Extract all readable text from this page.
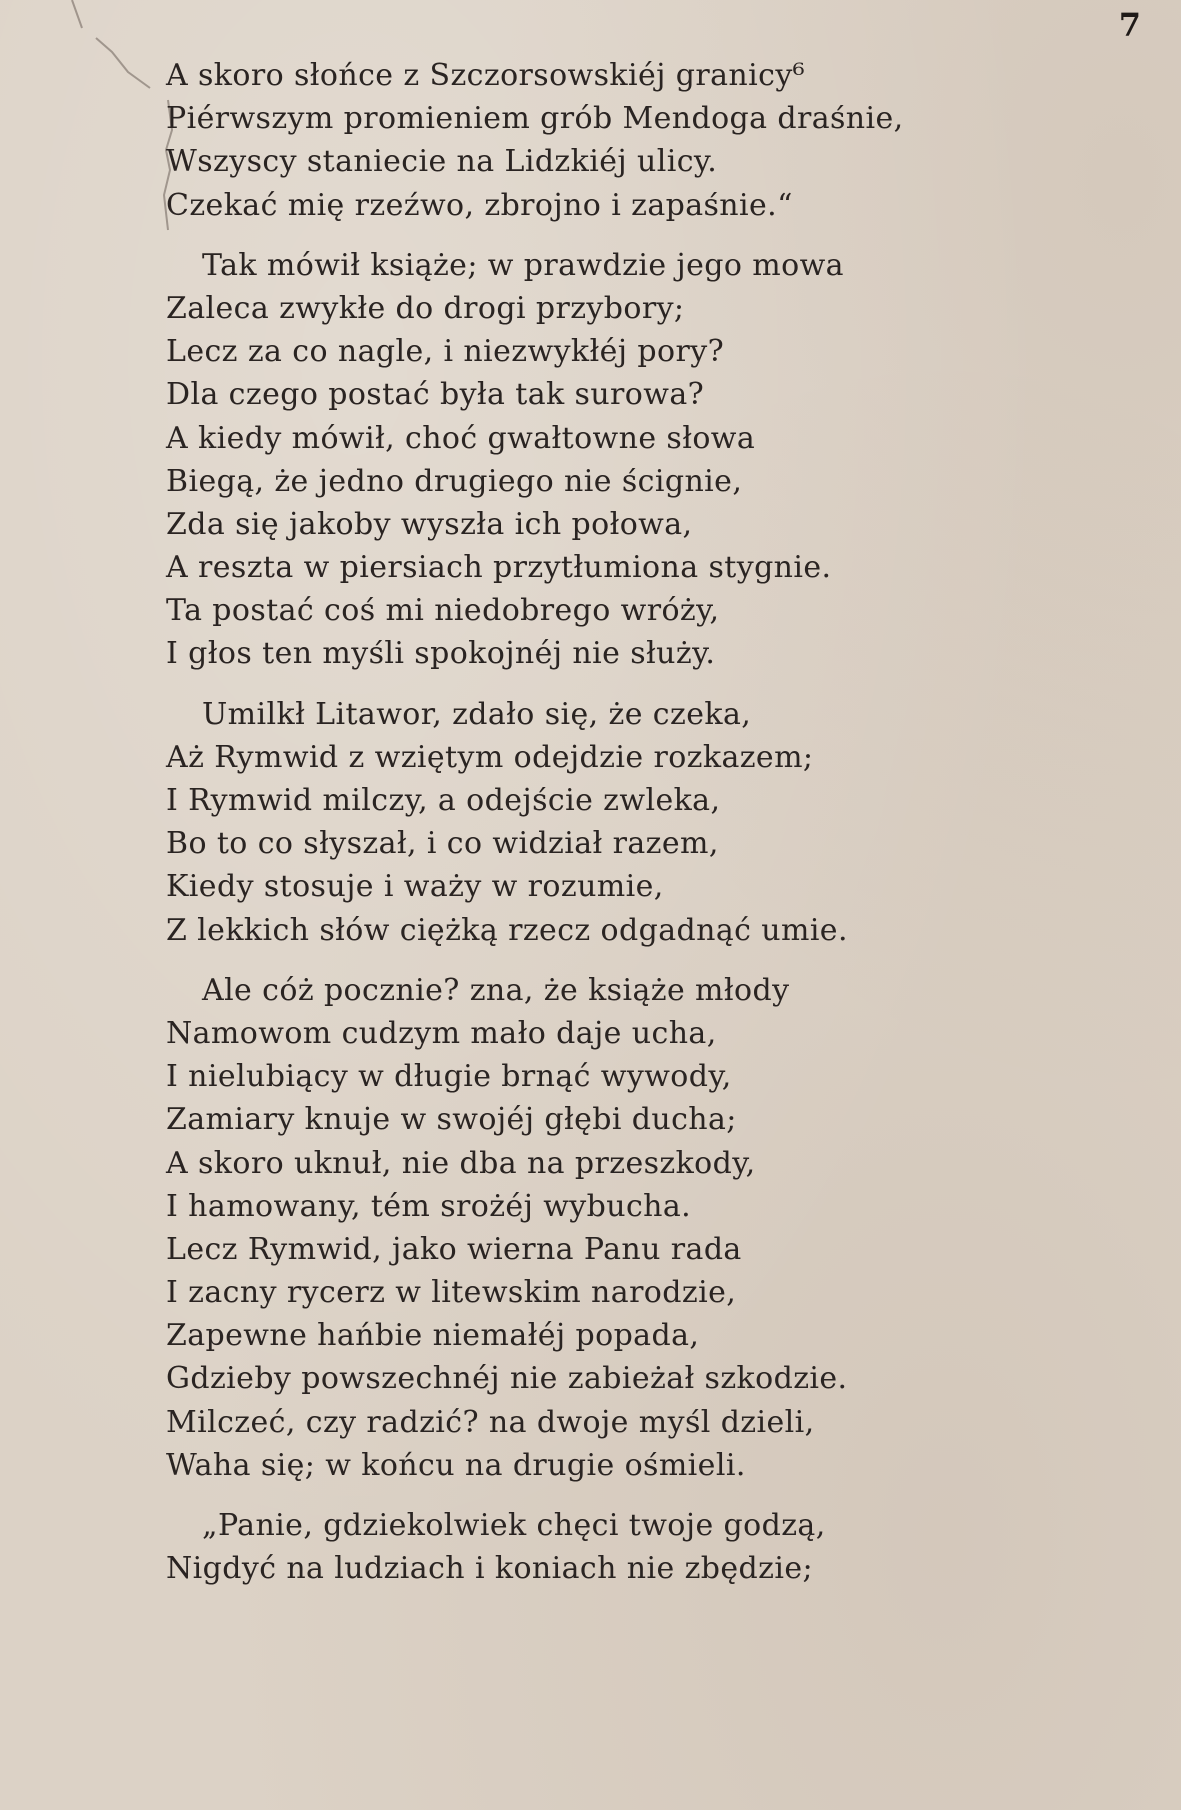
7
A skoro słońce z Szczorsowskiéj granicy⁶
Piérwszym promieniem grób Mendoga draśnie,
Wszyscy staniecie na Lidzkiéj ulicy.
Czekać mię rzeźwo, zbrojno i zapaśnie.“
Tak mówił książe; w prawdzie jego mowa
Zaleca zwykłe do drogi przybory;
Lecz za co nagle, i niezwykłéj pory?
Dla czego postać była tak surowa?
A kiedy mówił, choć gwałtowne słowa
Biegą, że jedno drugiego nie ścignie,
Zda się jakoby wyszła ich połowa,
A reszta w piersiach przytłumiona stygnie.
Ta postać coś mi niedobrego wróży,
I głos ten myśli spokojnéj nie służy.
Umilkł Litawor, zdało się, że czeka,
Aż Rymwid z wziętym odejdzie rozkazem;
I Rymwid milczy, a odejście zwleka,
Bo to co słyszał, i co widział razem,
Kiedy stosuje i waży w rozumie,
Z lekkich słów ciężką rzecz odgadnąć umie.
Ale cóż pocznie? zna, że książe młody
Namowom cudzym mało daje ucha,
I nielubiący w długie brnąć wywody,
Zamiary knuje w swojéj głębi ducha;
A skoro uknuł, nie dba na przeszkody,
I hamowany, tém srożéj wybucha.
Lecz Rymwid, jako wierna Panu rada
I zacny rycerz w litewskim narodzie,
Zapewne hańbie niemałéj popada,
Gdzieby powszechnéj nie zabieżał szkodzie.
Milczeć, czy radzić? na dwoje myśl dzieli,
Waha się; w końcu na drugie ośmieli.
„Panie, gdziekolwiek chęci twoje godzą,
Nigdyć na ludziach i koniach nie zbędzie;
